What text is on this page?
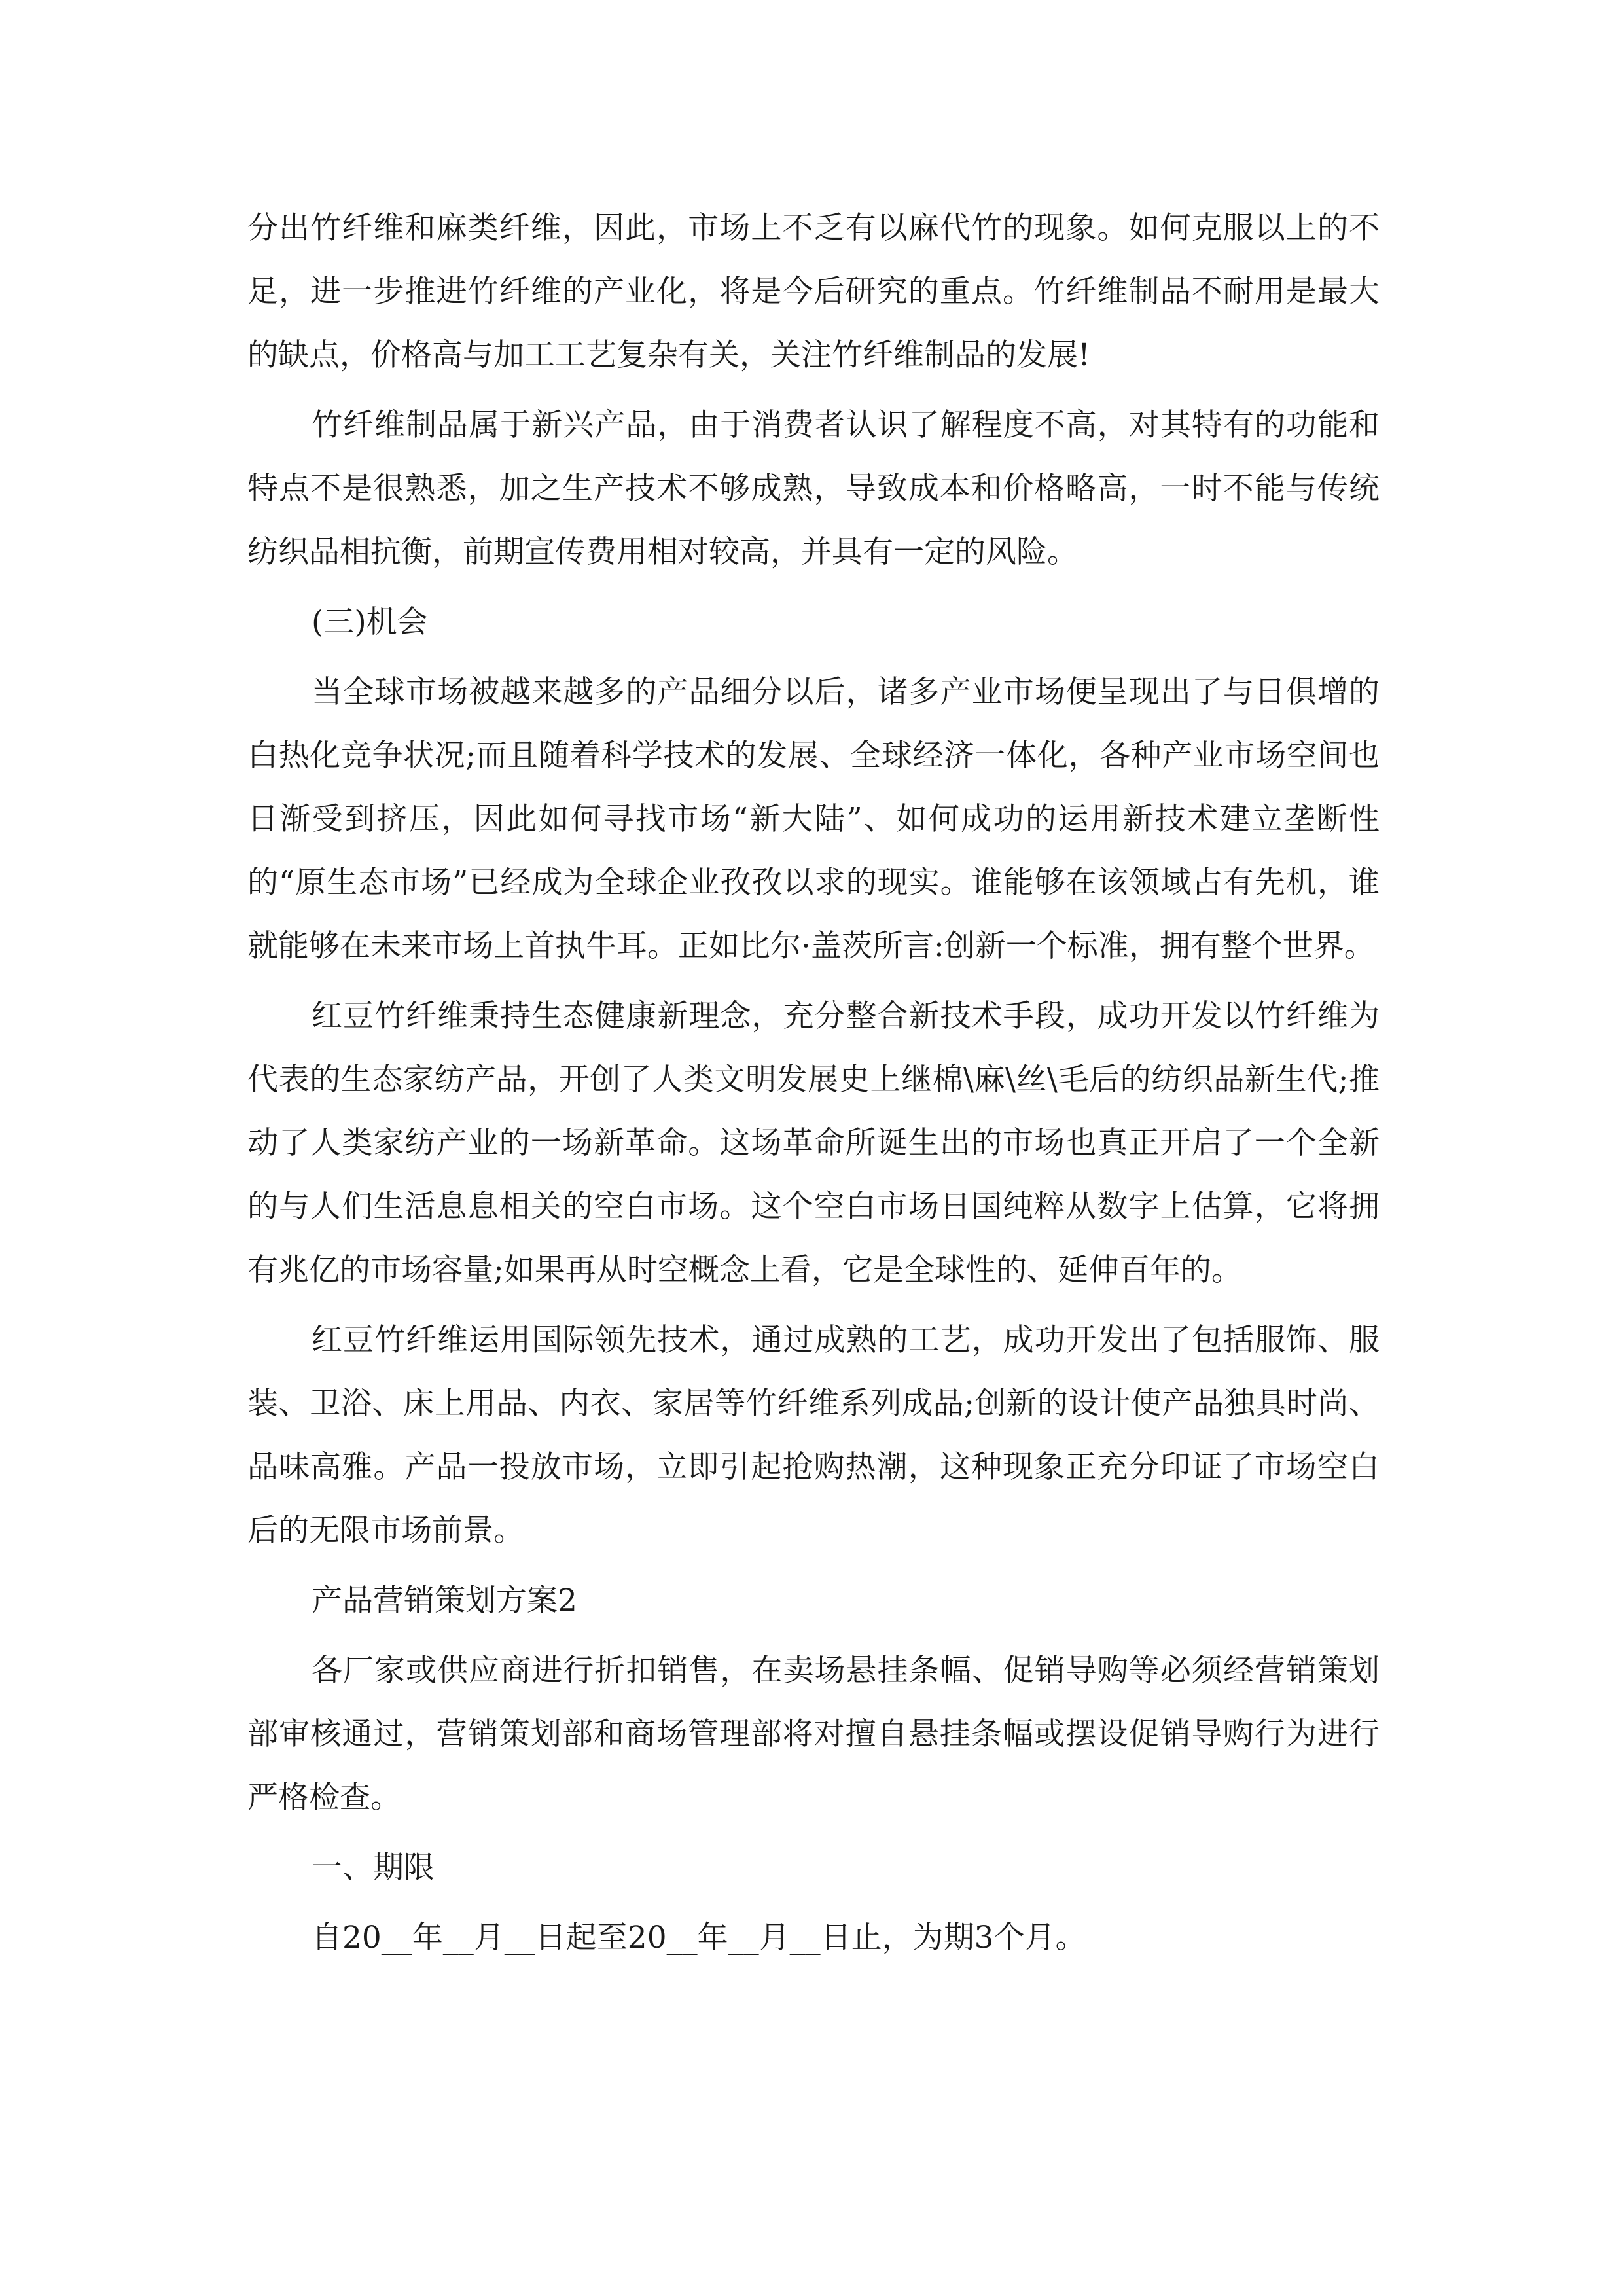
分出竹纤维和麻类纤维，因此，市场上不乏有以麻代竹的现象。如何克服以上的不足，进一步推进竹纤维的产业化，将是今后研究的重点。竹纤维制品不耐用是最大的缺点，价格高与加工工艺复杂有关，关注竹纤维制品的发展!

竹纤维制品属于新兴产品，由于消费者认识了解程度不高，对其特有的功能和特点不是很熟悉，加之生产技术不够成熟，导致成本和价格略高，一时不能与传统纺织品相抗衡，前期宣传费用相对较高，并具有一定的风险。

(三)机会

当全球市场被越来越多的产品细分以后，诸多产业市场便呈现出了与日俱增的白热化竞争状况;而且随着科学技术的发展、全球经济一体化，各种产业市场空间也日渐受到挤压，因此如何寻找市场“新大陆”、如何成功的运用新技术建立垄断性的“原生态市场”已经成为全球企业孜孜以求的现实。谁能够在该领域占有先机，谁就能够在未来市场上首执牛耳。正如比尔·盖茨所言:创新一个标准，拥有整个世界。

红豆竹纤维秉持生态健康新理念，充分整合新技术手段，成功开发以竹纤维为代表的生态家纺产品，开创了人类文明发展史上继棉\麻\丝\毛后的纺织品新生代;推动了人类家纺产业的一场新革命。这场革命所诞生出的市场也真正开启了一个全新的与人们生活息息相关的空白市场。这个空白市场日国纯粹从数字上估算，它将拥有兆亿的市场容量;如果再从时空概念上看，它是全球性的、延伸百年的。

红豆竹纤维运用国际领先技术，通过成熟的工艺，成功开发出了包括服饰、服装、卫浴、床上用品、内衣、家居等竹纤维系列成品;创新的设计使产品独具时尚、品味高雅。产品一投放市场，立即引起抢购热潮，这种现象正充分印证了市场空白后的无限市场前景。

产品营销策划方案2

各厂家或供应商进行折扣销售，在卖场悬挂条幅、促销导购等必须经营销策划部审核通过，营销策划部和商场管理部将对擅自悬挂条幅或摆设促销导购行为进行严格检查。

一、期限

自20__年__月__日起至20__年__月__日止，为期3个月。
